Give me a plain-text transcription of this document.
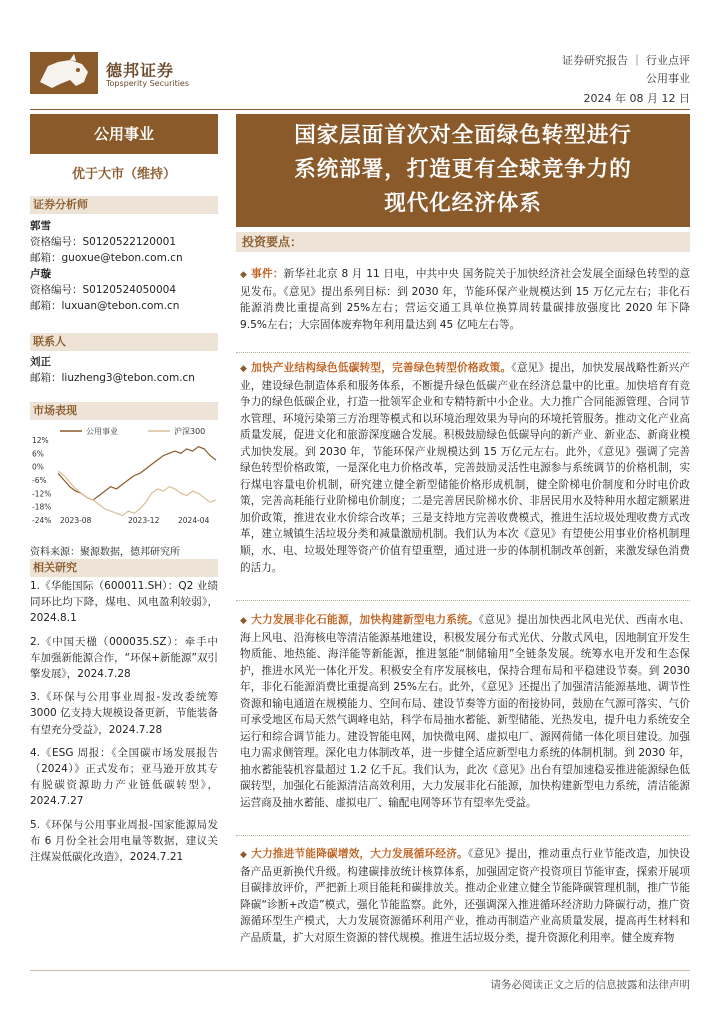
德邦证券
Topsperity Securities
证券研究报告 ｜ 行业点评
公用事业
2024 年 08 月 12 日
公用事业
优于大市（维持）
证券分析师
郭雪
资格编号：S0120522120001
邮箱：guoxue@tebon.com.cn
卢璇
资格编号：S0120524050004
邮箱：luxuan@tebon.com.cn
联系人
刘正
邮箱：liuzheng3@tebon.com.cn
市场表现
公用事业	沪深300
12%
6%
0%
-6%
-12%
-18%
-24% 2023-08	2023-12 2024-04
资料来源：聚源数据，德邦研究所
相关研究
1.《华能国际（600011.SH）：Q2 业绩同环比均下降，煤电、风电盈利较弱》，2024.8.1
2.《中国天楹（000035.SZ）：牵手中车加强新能源合作，“环保+新能源”双引擎发展》，2024.7.28
3.《环保与公用事业周报-发改委统筹 3000 亿支持大规模设备更新，节能装备有望充分受益》，2024.7.28
4.《ESG 周报：《全国碳市场发展报告（2024）》正式发布；亚马逊开放其专有脱碳资源助力产业链低碳转型》，2024.7.27
5.《环保与公用事业周报-国家能源局发布 6 月份全社会用电量等数据，建议关注煤炭低碳化改造》，2024.7.21
国家层面首次对全面绿色转型进行
系统部署，打造更有全球竞争力的
现代化经济体系
投资要点：
◆ 事件：新华社北京 8 月 11 日电，中共中央 国务院关于加快经济社会发展全面绿色转型的意见发布。《意见》提出系列目标：到 2030 年，节能环保产业规模达到 15 万亿元左右；非化石能源消费比重提高到 25%左右；营运交通工具单位换算周转量碳排放强度比 2020 年下降 9.5%左右；大宗固体废弃物年利用量达到 45 亿吨左右等。
◆ 加快产业结构绿色低碳转型，完善绿色转型价格政策。《意见》提出，加快发展战略性新兴产业，建设绿色制造体系和服务体系，不断提升绿色低碳产业在经济总量中的比重。加快培育有竞争力的绿色低碳企业，打造一批领军企业和专精特新中小企业。大力推广合同能源管理、合同节水管理、环境污染第三方治理等模式和以环境治理效果为导向的环境托管服务。推动文化产业高质量发展，促进文化和旅游深度融合发展。积极鼓励绿色低碳导向的新产业、新业态、新商业模式加快发展。到 2030 年，节能环保产业规模达到 15 万亿元左右。此外，《意见》强调了完善绿色转型价格政策，一是深化电力价格改革，完善鼓励灵活性电源参与系统调节的价格机制，实行煤电容量电价机制，研究建立健全新型储能价格形成机制，健全阶梯电价制度和分时电价政策，完善高耗能行业阶梯电价制度；二是完善居民阶梯水价、非居民用水及特种用水超定额累进加价政策，推进农业水价综合改革；三是支持地方完善收费模式，推进生活垃圾处理收费方式改革，建立城镇生活垃圾分类和减量激励机制。我们认为本次《意见》有望使公用事业价格机制理顺，水、电、垃圾处理等资产价值有望重塑，通过进一步的体制机制改革创新，来激发绿色消费的活力。
◆ 大力发展非化石能源，加快构建新型电力系统。《意见》提出加快西北风电光伏、西南水电、海上风电、沿海核电等清洁能源基地建设，积极发展分布式光伏、分散式风电，因地制宜开发生物质能、地热能、海洋能等新能源，推进氢能“制储输用”全链条发展。统筹水电开发和生态保护，推进水风光一体化开发。积极安全有序发展核电，保持合理布局和平稳建设节奏。到 2030 年，非化石能源消费比重提高到 25%左右。此外，《意见》还提出了加强清洁能源基地、调节性资源和输电通道在规模能力、空间布局、建设节奏等方面的衔接协同，鼓励在气源可落实、气价可承受地区布局天然气调峰电站，科学布局抽水蓄能、新型储能、光热发电，提升电力系统安全运行和综合调节能力。建设智能电网，加快微电网、虚拟电厂、源网荷储一体化项目建设。加强电力需求侧管理。深化电力体制改革，进一步健全适应新型电力系统的体制机制。到 2030 年，抽水蓄能装机容量超过 1.2 亿千瓦。我们认为，此次《意见》出台有望加速稳妥推进能源绿色低碳转型，加强化石能源清洁高效利用，大力发展非化石能源，加快构建新型电力系统，清洁能源运营商及抽水蓄能、虚拟电厂、输配电网等环节有望率先受益。
◆ 大力推进节能降碳增效，大力发展循环经济。《意见》提出，推动重点行业节能改造，加快设备产品更新换代升级。构建碳排放统计核算体系，加强固定资产投资项目节能审查，探索开展项目碳排放评价，严把新上项目能耗和碳排放关。推动企业建立健全节能降碳管理机制，推广节能降碳“诊断+改造”模式，强化节能监察。此外，还强调深入推进循环经济助力降碳行动，推广资源循环型生产模式，大力发展资源循环利用产业，推动再制造产业高质量发展，提高再生材料和产品质量，扩大对原生资源的替代规模。推进生活垃圾分类，提升资源化利用率。健全废弃物
请务必阅读正文之后的信息披露和法律声明
